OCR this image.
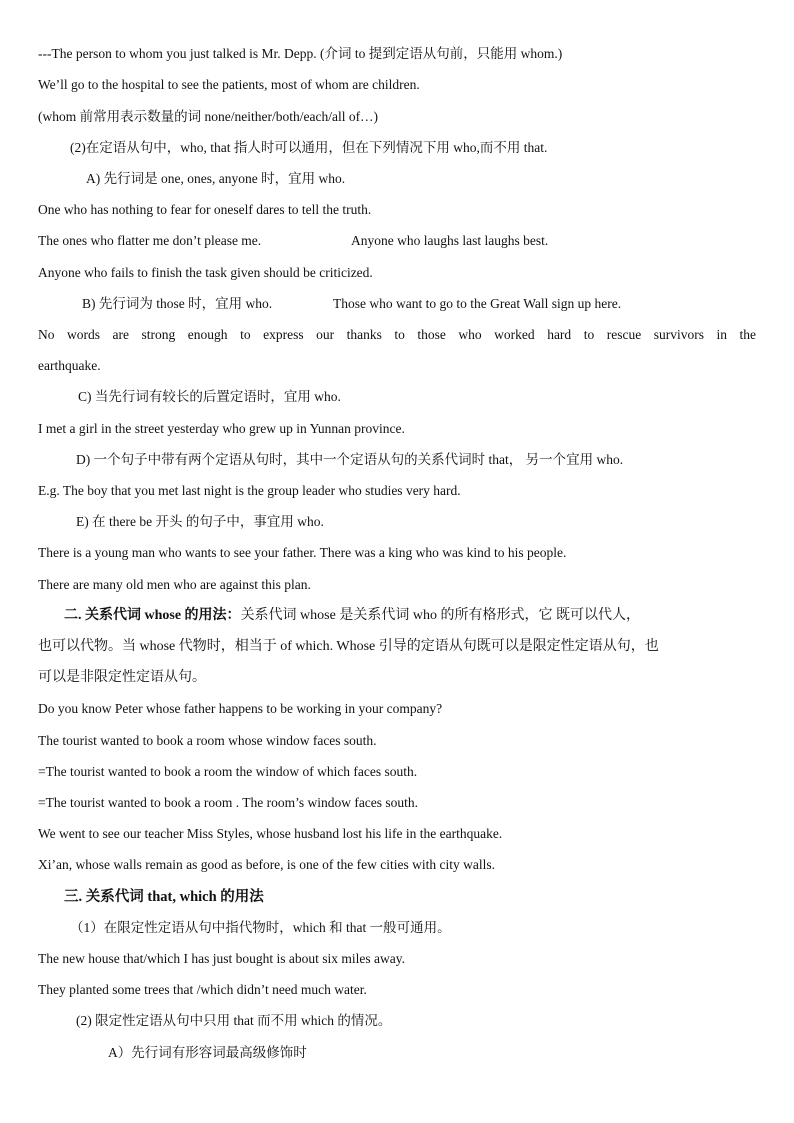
---The person to whom you just talked is Mr. Depp. (介词 to 提到定语从句前，只能用 whom.)
We’ll go to the hospital to see the patients, most of whom are children.
(whom 前常用表示数量的词 none/neither/both/each/all of…)
(2)在定语从句中，who, that 指人时可以通用，但在下列情况下用 who,而不用 that.
A) 先行词是 one, ones, anyone 时，宜用 who.
One who has nothing to fear for oneself dares to tell the truth.
The ones who flatter me don’t please me.	Anyone who laughs last laughs best.
Anyone who fails to finish the task given should be criticized.
B) 先行词为 those 时，宜用 who.	Those who want to go to the Great Wall sign up here.
No words are strong enough to express our thanks to those who worked hard to rescue survivors in the
earthquake.
C) 当先行词有较长的后置定语时，宜用 who.
I met a girl in the street yesterday who grew up in Yunnan province.
D) 一个句子中带有两个定语从句时，其中一个定语从句的关系代词时 that， 另一个宜用 who.
E.g. The boy that you met last night is the group leader who studies very hard.
E) 在 there be 开头 的句子中，事宜用 who.
There is a young man who wants to see your father. There was a king who was kind to his people.
There are many old men who are against this plan.
二. 关系代词 whose 的用法：关系代词 whose 是关系代词 who 的所有格形式，它 既可以代人，
也可以代物。当 whose 代物时，相当于 of which. Whose 引导的定语从句既可以是限定性定语从句，也
可以是非限定性定语从句。
Do you know Peter whose father happens to be working in your company?
The tourist wanted to book a room whose window faces south.
=The tourist wanted to book a room the window of which faces south.
=The tourist wanted to book a room . The room’s window faces south.
We went to see our teacher Miss Styles, whose husband lost his life in the earthquake.
Xi’an, whose walls remain as good as before, is one of the few cities with city walls.
三. 关系代词 that, which 的用法
（1）在限定性定语从句中指代物时，which 和 that 一般可通用。
The new house that/which I has just bought is about six miles away.
They planted some trees that /which didn’t need much water.
(2) 限定性定语从句中只用 that 而不用 which 的情况。
A）先行词有形容词最高级修饰时
